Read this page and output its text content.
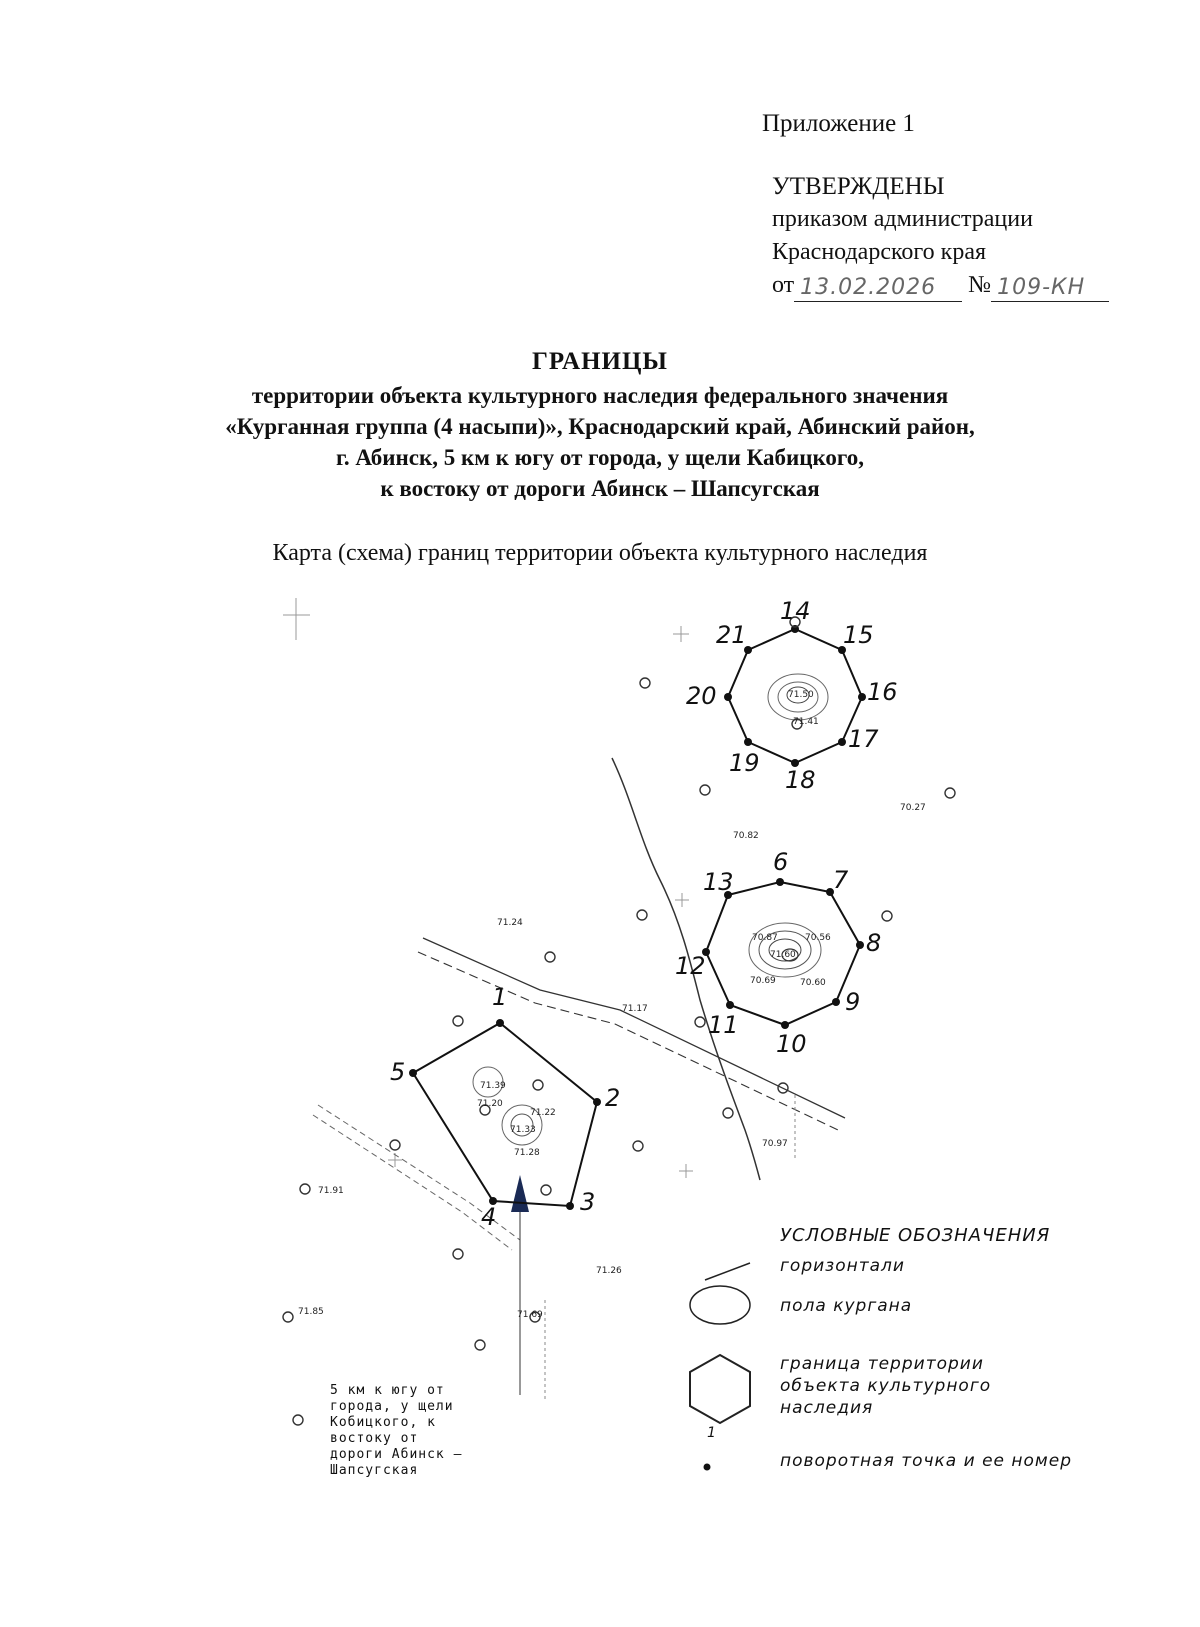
Приложение 1
УТВЕРЖДЕНЫ
приказом администрации
Краснодарского края
от 13.02.2026 № 109-КН
ГРАНИЦЫ
территории объекта культурного наследия федерального значения
«Курганная группа (4 насыпи)», Краснодарский край, Абинский район,
г. Абинск, 5 км к югу от города, у щели Кабицкого,
к востоку от дороги Абинск – Шапсугская
Карта (схема) границ территории объекта культурного наследия
1
2
3
4
5
6
7
8
9
10
11
12
13
14
15
16
17
18
19
20
21
70.27
70.82
71.24
71.17
70.87	70.56
70.69	70.60
71.22
71.28
71.20
70.97
71.91
71.26
71.85	71.69
71.41
71.50
71.60
71.39
71.33
5 км к югу от
города, у щели
Кобицкого, к
востоку от
дороги Абинск –
Шапсугская
УСЛОВНЫЕ ОБОЗНАЧЕНИЯ
горизонтали
пола кургана
граница территории
объекта культурного
наследия
1
поворотная точка и ее номер
